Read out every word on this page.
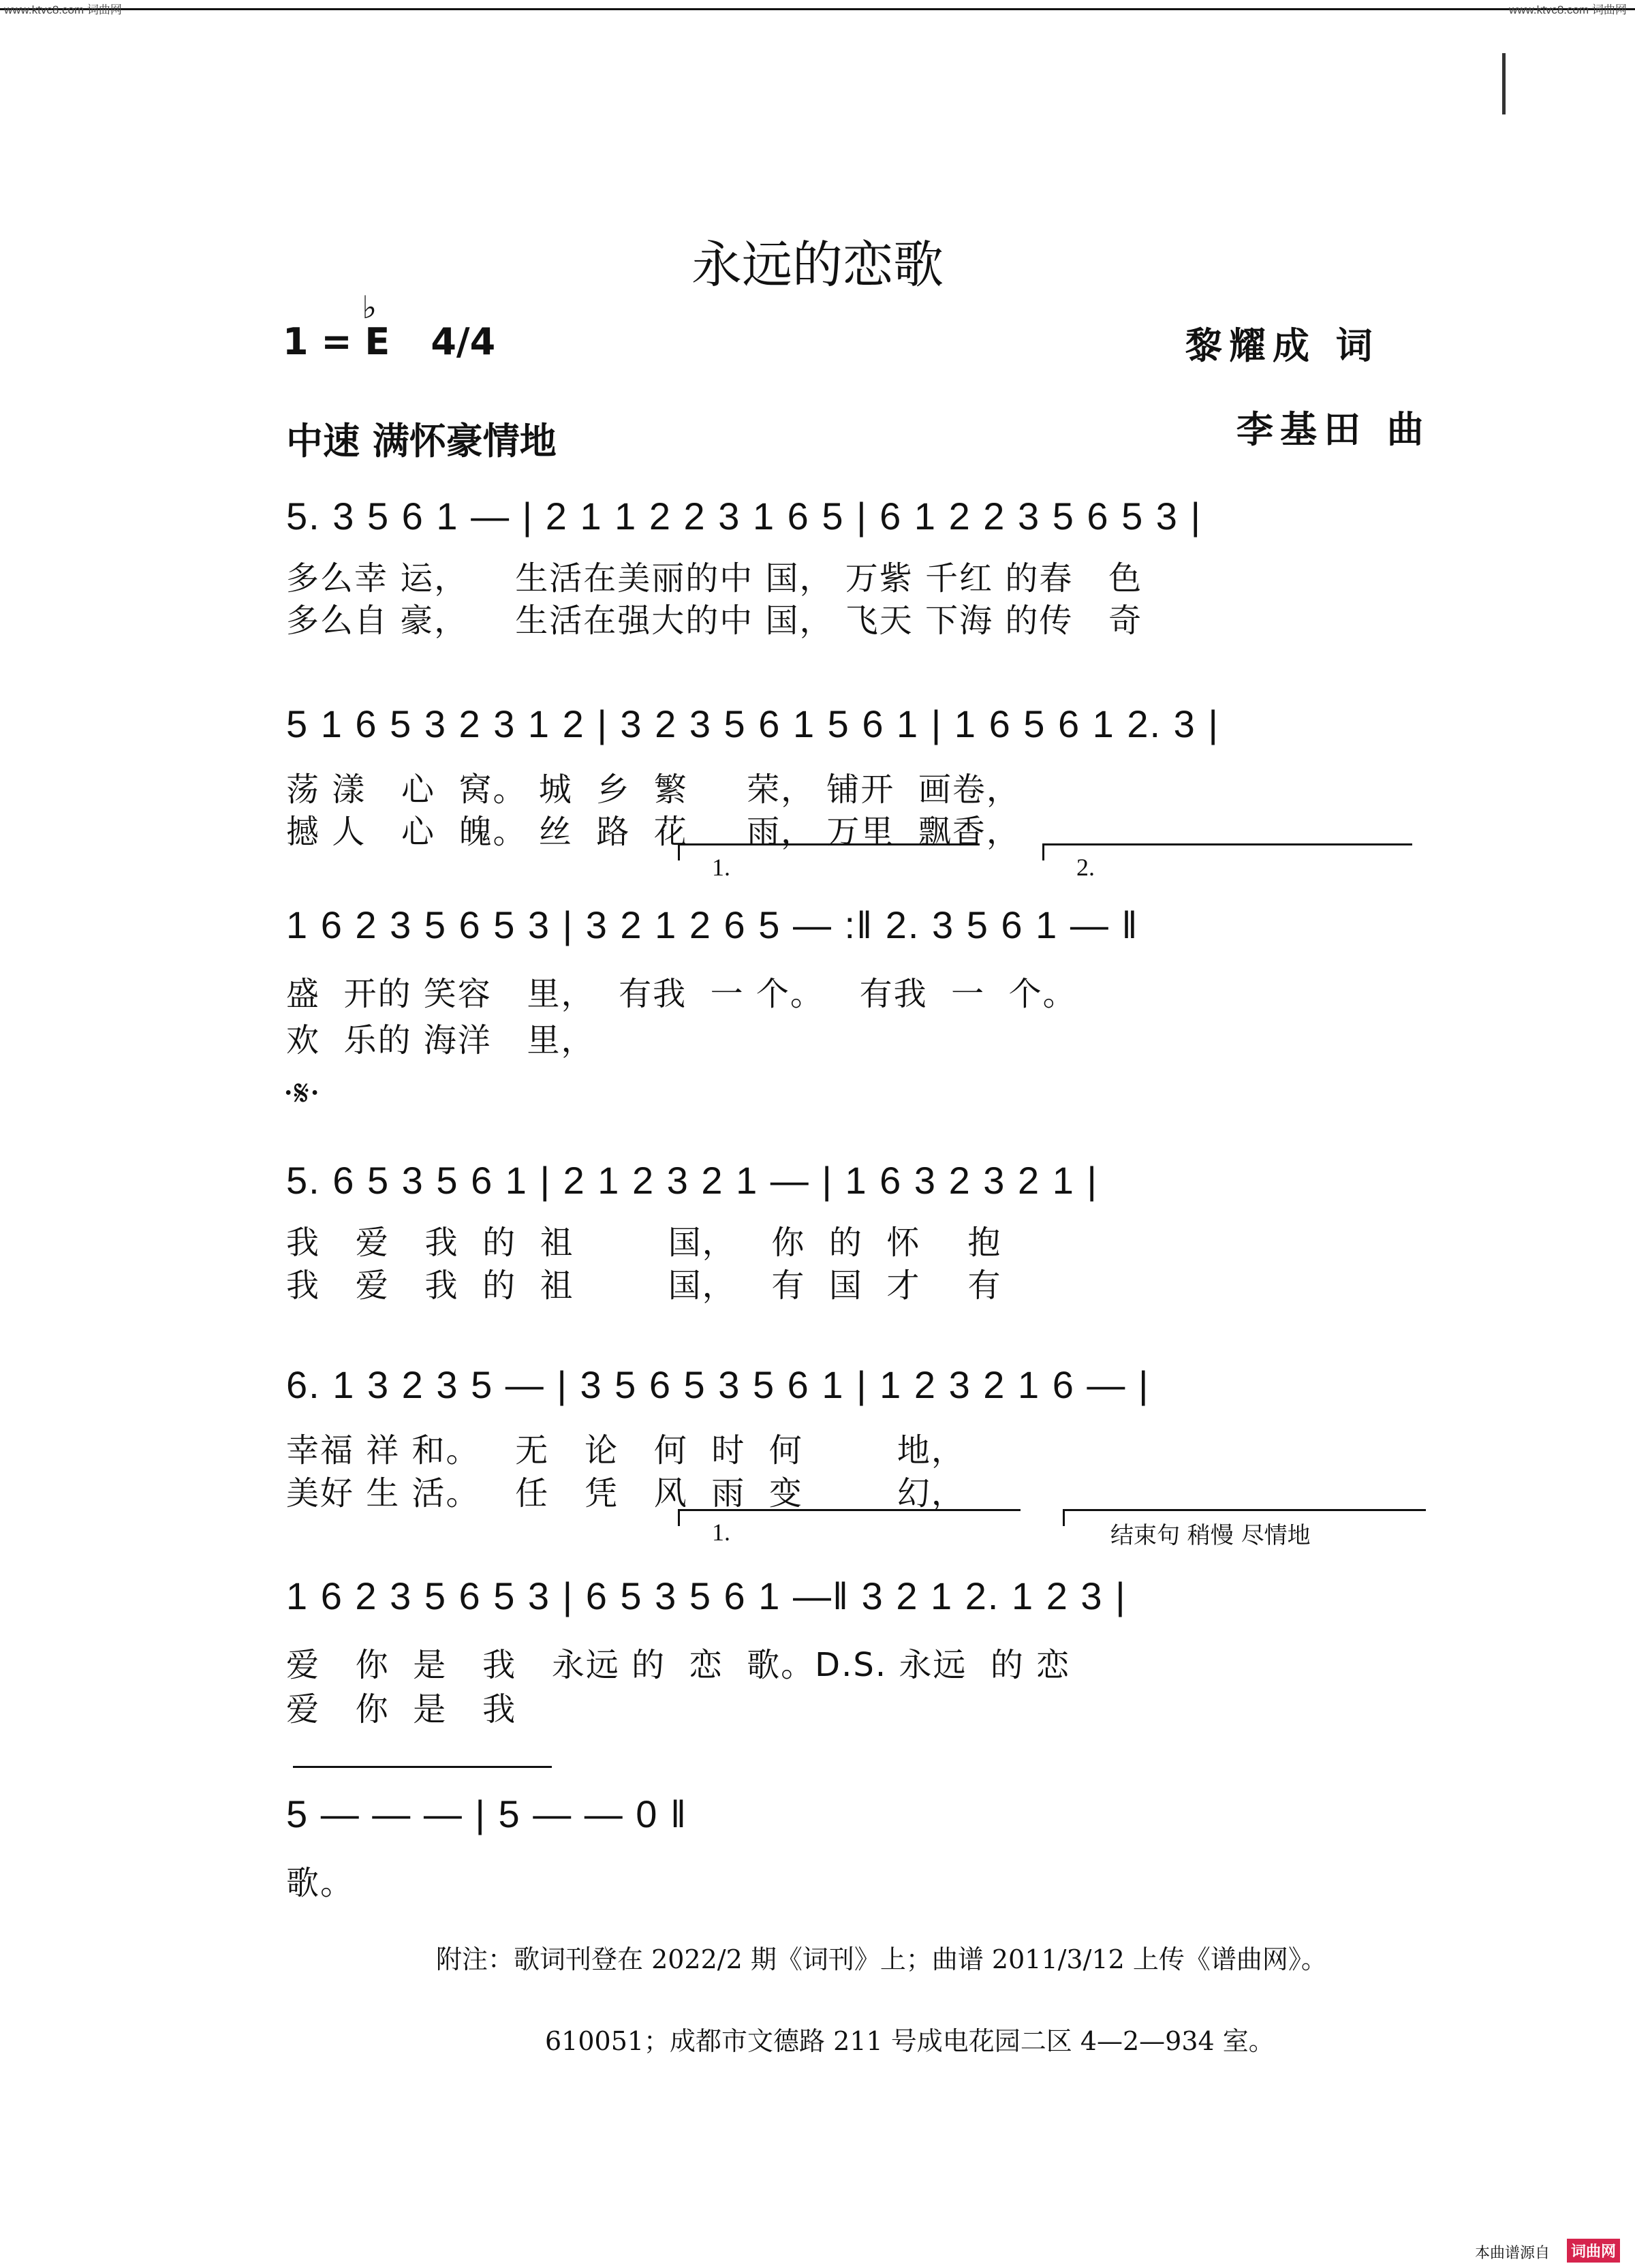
www.ktvc8.com 词曲网	www.ktvc8.com 词曲网
永远的恋歌
1 =
♭
E 4/4	黎耀成 词
李基田 曲
中速 满怀豪情地

5. 3 5 6 1 — | 2 1 1 2 2 3 1 6 5 | 6 1 2 2 3 5 6 5 3 |

多么幸 运，    生活在美丽的中 国， 万紫 千红 的春   色

多么自 豪，    生活在强大的中 国， 飞天 下海 的传   奇

5 1 6 5 3 2 3 1 2 | 3 2 3 5 6 1 5 6 1 | 1 6 5 6 1 2. 3 |

荡 漾   心  窝。 城  乡  繁     荣， 铺开  画卷，

撼 人   心  魄。 丝  路  花     雨， 万里  飘香，

1.

	2.

1 6 2 3 5 6 5 3 | 3 2 1 2 6 5 — :‖ 2. 3 5 6 1 — ‖

盛  开的 笑容   里，  有我  一 个。   有我  一  个。

欢  乐的 海洋   里，

·𝄋·

5. 6 5 3 5 6 1 | 2 1 2 3 2 1 — | 1 6 3 2 3 2 1 |

我   爱   我  的  祖        国，   你  的  怀    抱

我   爱   我  的  祖        国，   有  国  才    有

6. 1 3 2 3 5 — | 3 5 6 5 3 5 6 1 | 1 2 3 2 1 6 — |

幸福 祥 和。   无   论   何  时  何        地，

美好 生 活。   任   凭   风  雨  变        幻，

1.

	结束句 稍慢 尽情地

1 6 2 3 5 6 5 3 | 6 5 3 5 6 1 —‖ 3 2 1 2. 1 2 3 |

爱   你  是   我   永远 的  恋  歌。D.S. 永远  的 恋

爱   你  是   我

5 — — — | 5 — — 0 ‖

歌。

附注：歌词刊登在 2022/2 期《词刊》上；曲谱 2011/3/12 上传《谱曲网》。
610051；成都市文德路 211 号成电花园二区 4—2—934 室。
本曲谱源自 词曲网
